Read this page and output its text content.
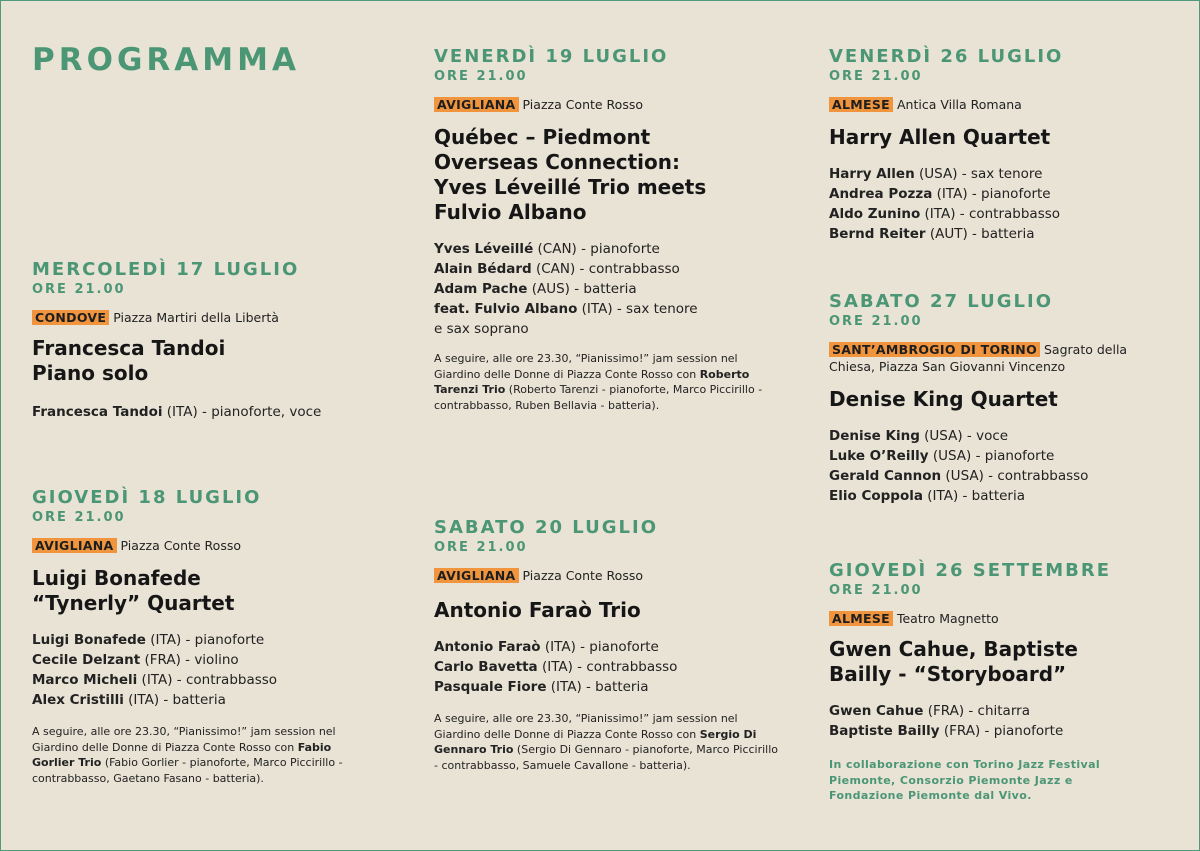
PROGRAMMA
MERCOLEDÌ 17 LUGLIO
ORE 21.00
CONDOVE Piazza Martiri della Libertà
Francesca Tandoi
Piano solo
Francesca Tandoi (ITA) - pianoforte, voce
GIOVEDÌ 18 LUGLIO
ORE 21.00
AVIGLIANA Piazza Conte Rosso
Luigi Bonafede
“Tynerly” Quartet
Luigi Bonafede (ITA) - pianoforte
Cecile Delzant (FRA) - violino
Marco Micheli (ITA) - contrabbasso
Alex Cristilli (ITA) - batteria
A seguire, alle ore 23.30, “Pianissimo!” jam session nel Giardino delle Donne di Piazza Conte Rosso con Fabio Gorlier Trio (Fabio Gorlier - pianoforte, Marco Piccirillo - contrabbasso, Gaetano Fasano - batteria).
VENERDÌ 19 LUGLIO
ORE 21.00
AVIGLIANA Piazza Conte Rosso
Québec – Piedmont
Overseas Connection:
Yves Léveillé Trio meets
Fulvio Albano
Yves Léveillé (CAN) - pianoforte
Alain Bédard (CAN) - contrabbasso
Adam Pache (AUS) - batteria
feat. Fulvio Albano (ITA) - sax tenore
e sax soprano
A seguire, alle ore 23.30, “Pianissimo!” jam session nel Giardino delle Donne di Piazza Conte Rosso con Roberto Tarenzi Trio (Roberto Tarenzi - pianoforte, Marco Piccirillo - contrabbasso, Ruben Bellavia - batteria).
SABATO 20 LUGLIO
ORE 21.00
AVIGLIANA Piazza Conte Rosso
Antonio Faraò Trio
Antonio Faraò (ITA) - pianoforte
Carlo Bavetta (ITA) - contrabbasso
Pasquale Fiore (ITA) - batteria
A seguire, alle ore 23.30, “Pianissimo!” jam session nel Giardino delle Donne di Piazza Conte Rosso con Sergio Di Gennaro Trio (Sergio Di Gennaro - pianoforte, Marco Piccirillo - contrabbasso, Samuele Cavallone - batteria).
VENERDÌ 26 LUGLIO
ORE 21.00
ALMESE Antica Villa Romana
Harry Allen Quartet
Harry Allen (USA) - sax tenore
Andrea Pozza (ITA) - pianoforte
Aldo Zunino (ITA) - contrabbasso
Bernd Reiter (AUT) - batteria
SABATO 27 LUGLIO
ORE 21.00
SANT’AMBROGIO DI TORINO Sagrato della Chiesa, Piazza San Giovanni Vincenzo
Denise King Quartet
Denise King (USA) - voce
Luke O’Reilly (USA) - pianoforte
Gerald Cannon (USA) - contrabbasso
Elio Coppola (ITA) - batteria
GIOVEDÌ 26 SETTEMBRE
ORE 21.00
ALMESE Teatro Magnetto
Gwen Cahue, Baptiste
Bailly - “Storyboard”
Gwen Cahue (FRA) - chitarra
Baptiste Bailly (FRA) - pianoforte
In collaborazione con Torino Jazz Festival Piemonte, Consorzio Piemonte Jazz e Fondazione Piemonte dal Vivo.
